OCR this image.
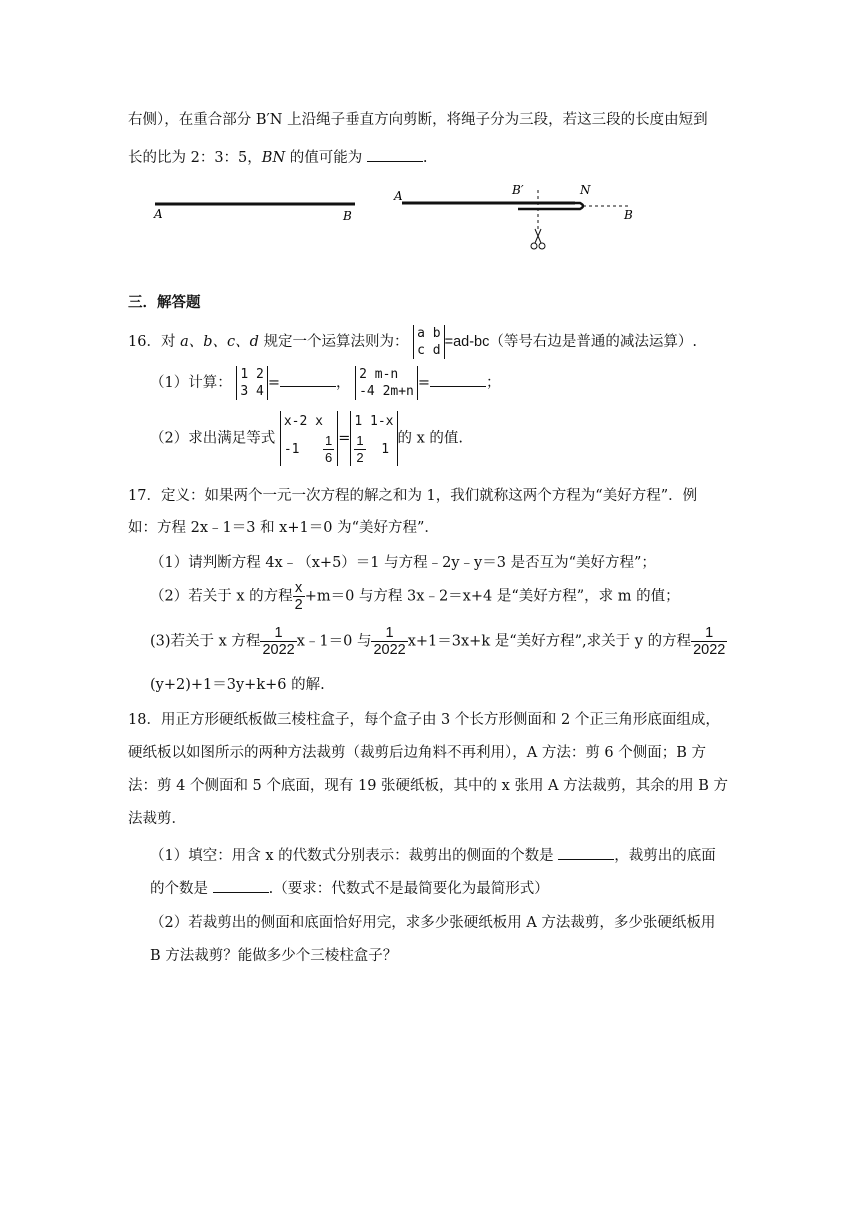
右侧），在重合部分 B′N 上沿绳子垂直方向剪断，将绳子分为三段，若这三段的长度由短到
长的比为 2：3：5，BN 的值可能为	.
A	B
A	B′	N
B
三．解答题
16．对 a、b、c、d 规定一个运算法则为：
a b
c d
=ad-bc（等号右边是普通的减法运算）.
（1）计算：
1 2
3 4
=	，
2 m-n
-4 2m+n
=	；
（2）求出满足等式
x-2 x
$-1 \frac{1}{6}$ =
1 1-x
$\frac{1}{2} 1$
的 x 的值.
17．定义：如果两个一元一次方程的解之和为 1，我们就称这两个方程为“美好方程”．例
如：方程 2x﹣1＝3 和 x+1＝0 为“美好方程”．
（1）请判断方程 4x﹣（x+5）＝1 与方程﹣2y﹣y＝3 是否互为“美好方程”；
（2）若关于 x 的方程 $\frac{x}{2} +m=0$ 与方程 3x﹣2＝x+4 是“美好方程”，求 m 的值；
(3)若关于 x 方程 $\frac{1}{2022}$ x﹣1＝0 与 $\frac{1}{2022} x+1=3x+k$ 是“美好方程”,求关于 y 的方程 $\frac{1}{2022}$
(y+2)+1＝3y+k+6 的解.
18．用正方形硬纸板做三棱柱盒子，每个盒子由 3 个长方形侧面和 2 个正三角形底面组成，
硬纸板以如图所示的两种方法裁剪（裁剪后边角料不再利用），A 方法：剪 6 个侧面；B 方
法：剪 4 个侧面和 5 个底面，现有 19 张硬纸板，其中的 x 张用 A 方法裁剪，其余的用 B 方
法裁剪．
（1）填空：用含 x 的代数式分别表示：裁剪出的侧面的个数是	，裁剪出的底面
的个数是	.（要求：代数式不是最简要化为最简形式）
（2）若裁剪出的侧面和底面恰好用完，求多少张硬纸板用 A 方法裁剪，多少张硬纸板用
B 方法裁剪？能做多少个三棱柱盒子？
